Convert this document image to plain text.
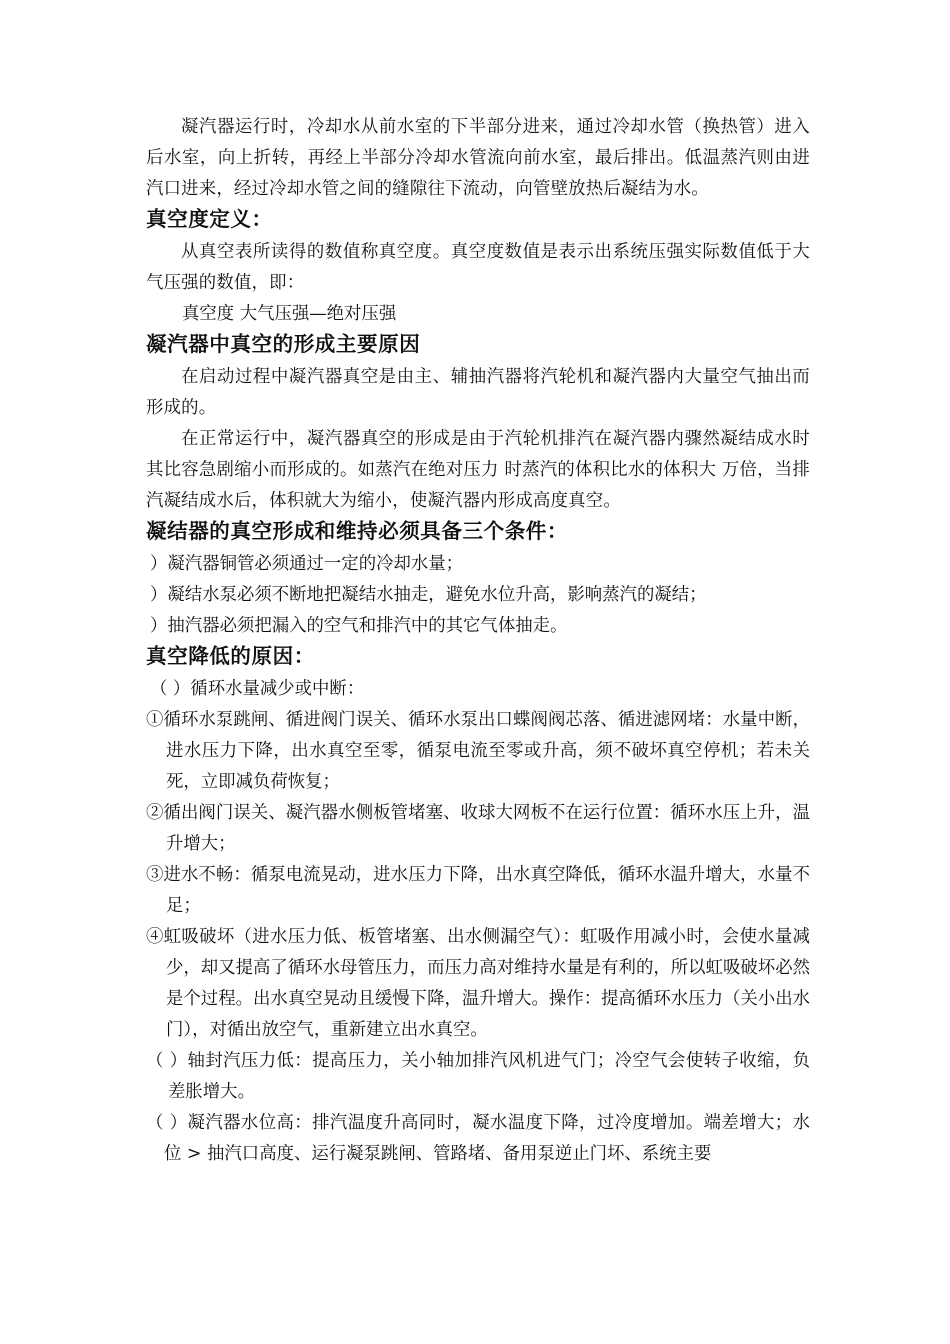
凝汽器运行时，冷却水从前水室的下半部分进来，通过冷却水管（换热管）进入后水室，向上折转，再经上半部分冷却水管流向前水室，最后排出。低温蒸汽则由进汽口进来，经过冷却水管之间的缝隙往下流动，向管壁放热后凝结为水。

真空度定义：

从真空表所读得的数值称真空度。真空度数值是表示出系统压强实际数值低于大气压强的数值，即：

真空度 大气压强—绝对压强

凝汽器中真空的形成主要原因

在启动过程中凝汽器真空是由主、辅抽汽器将汽轮机和凝汽器内大量空气抽出而形成的。

在正常运行中，凝汽器真空的形成是由于汽轮机排汽在凝汽器内骤然凝结成水时其比容急剧缩小而形成的。如蒸汽在绝对压力 时蒸汽的体积比水的体积大 万倍，当排汽凝结成水后，体积就大为缩小，使凝汽器内形成高度真空。

凝结器的真空形成和维持必须具备三个条件：

）凝汽器铜管必须通过一定的冷却水量；

）凝结水泵必须不断地把凝结水抽走，避免水位升高，影响蒸汽的凝结；

）抽汽器必须把漏入的空气和排汽中的其它气体抽走。

真空降低的原因：

（ ）循环水量减少或中断：

①循环水泵跳闸、循进阀门误关、循环水泵出口蝶阀阀芯落、循进滤网堵：水量中断，进水压力下降，出水真空至零，循泵电流至零或升高，须不破坏真空停机；若未关死，立即减负荷恢复；

②循出阀门误关、凝汽器水侧板管堵塞、收球大网板不在运行位置：循环水压上升，温升增大；

③进水不畅：循泵电流晃动，进水压力下降，出水真空降低，循环水温升增大，水量不足；

④虹吸破坏（进水压力低、板管堵塞、出水侧漏空气）：虹吸作用减小时，会使水量减少，却又提高了循环水母管压力，而压力高对维持水量是有利的，所以虹吸破坏必然是个过程。出水真空晃动且缓慢下降，温升增大。操作：提高循环水压力（关小出水门），对循出放空气，重新建立出水真空。

（ ）轴封汽压力低：提高压力，关小轴加排汽风机进气门；冷空气会使转子收缩，负差胀增大。

（ ）凝汽器水位高：排汽温度升高同时，凝水温度下降，过冷度增加。端差增大；水位 > 抽汽口高度、运行凝泵跳闸、管路堵、备用泵逆止门坏、系统主要
